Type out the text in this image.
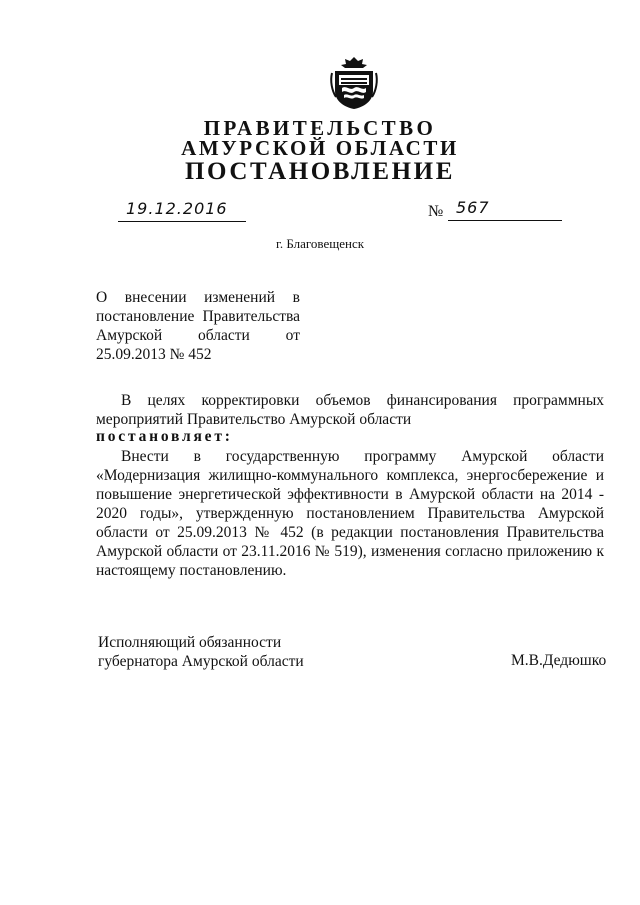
ПРАВИТЕЛЬСТВО
АМУРСКОЙ ОБЛАСТИ
ПОСТАНОВЛЕНИЕ
19.12.2016	№ 567
г. Благовещенск
О внесении изменений в
постановление Правительства
Амурской области от
25.09.2013 № 452
В целях корректировки объемов финансирования программных
мероприятий Правительство Амурской области
постановляет:
Внести в государственную программу Амурской области
«Модернизация жилищно-коммунального комплекса, энергосбережение и
повышение энергетической эффективности в Амурской области на 2014 -
2020 годы», утвержденную постановлением Правительства Амурской
области от 25.09.2013 № 452 (в редакции постановления Правительства
Амурской области от 23.11.2016 № 519), изменения согласно приложению к
настоящему постановлению.
Исполняющий обязанности
губернатора Амурской области	М.В.Дедюшко
